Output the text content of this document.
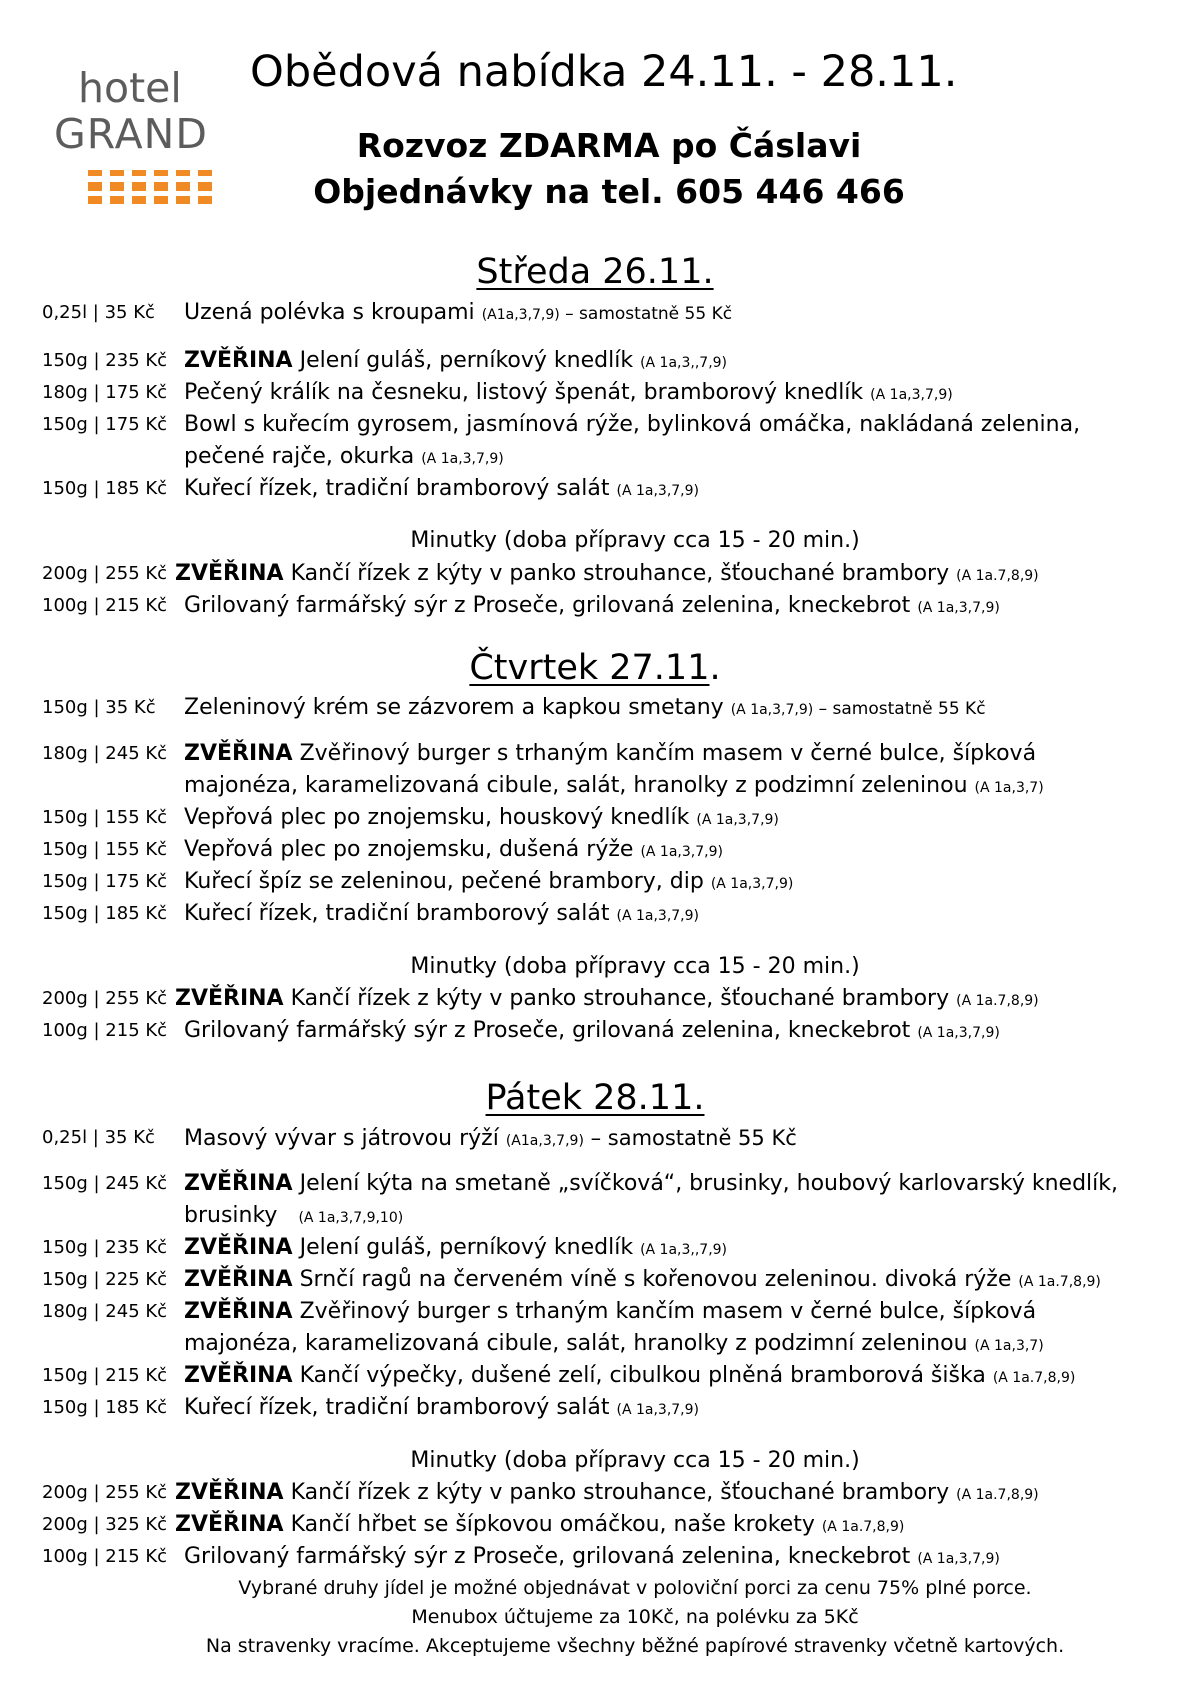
hotel
GRAND
Obědová nabídka 24.11. - 28.11.
Rozvoz ZDARMA po Čáslavi
Objednávky na tel. 605 446 466
Středa 26.11.
0,25l | 35 Kč Uzená polévka s kroupami (A1a,3,7,9) – samostatně 55 Kč
150g | 235 Kč ZVĚŘINA Jelení guláš, perníkový knedlík (A 1a,3,,7,9)
180g | 175 Kč Pečený králík na česneku, listový špenát, bramborový knedlík (A 1a,3,7,9)
150g | 175 Kč Bowl s kuřecím gyrosem, jasmínová rýže, bylinková omáčka, nakládaná zelenina, pečené rajče, okurka (A 1a,3,7,9)
150g | 185 Kč Kuřecí řízek, tradiční bramborový salát (A 1a,3,7,9)
Minutky (doba přípravy cca 15 - 20 min.)
200g | 255 Kč ZVĚŘINA Kančí řízek z kýty v panko strouhance, šťouchané brambory (A 1a.7,8,9)
100g | 215 Kč Grilovaný farmářský sýr z Proseče, grilovaná zelenina, kneckebrot (A 1a,3,7,9)
Čtvrtek 27.11.
150g | 35 Kč Zeleninový krém se zázvorem a kapkou smetany (A 1a,3,7,9) – samostatně 55 Kč
180g | 245 Kč ZVĚŘINA Zvěřinový burger s trhaným kančím masem v černé bulce, šípková majonéza, karamelizovaná cibule, salát, hranolky z podzimní zeleninou (A 1a,3,7)
150g | 155 Kč Vepřová plec po znojemsku, houskový knedlík (A 1a,3,7,9)
150g | 155 Kč Vepřová plec po znojemsku, dušená rýže (A 1a,3,7,9)
150g | 175 Kč Kuřecí špíz se zeleninou, pečené brambory, dip (A 1a,3,7,9)
150g | 185 Kč Kuřecí řízek, tradiční bramborový salát (A 1a,3,7,9)
Minutky (doba přípravy cca 15 - 20 min.)
200g | 255 Kč ZVĚŘINA Kančí řízek z kýty v panko strouhance, šťouchané brambory (A 1a.7,8,9)
100g | 215 Kč Grilovaný farmářský sýr z Proseče, grilovaná zelenina, kneckebrot (A 1a,3,7,9)
Pátek 28.11.
0,25l | 35 Kč Masový vývar s játrovou rýží (A1a,3,7,9) – samostatně 55 Kč
150g | 245 Kč ZVĚŘINA Jelení kýta na smetaně „svíčková“, brusinky, houbový karlovarský knedlík, brusinky (A 1a,3,7,9,10)
150g | 235 Kč ZVĚŘINA Jelení guláš, perníkový knedlík (A 1a,3,,7,9)
150g | 225 Kč ZVĚŘINA Srnčí ragů na červeném víně s kořenovou zeleninou. divoká rýže (A 1a.7,8,9)
180g | 245 Kč ZVĚŘINA Zvěřinový burger s trhaným kančím masem v černé bulce, šípková majonéza, karamelizovaná cibule, salát, hranolky z podzimní zeleninou (A 1a,3,7)
150g | 215 Kč ZVĚŘINA Kančí výpečky, dušené zelí, cibulkou plněná bramborová šiška (A 1a.7,8,9)
150g | 185 Kč Kuřecí řízek, tradiční bramborový salát (A 1a,3,7,9)
Minutky (doba přípravy cca 15 - 20 min.)
200g | 255 Kč ZVĚŘINA Kančí řízek z kýty v panko strouhance, šťouchané brambory (A 1a.7,8,9)
200g | 325 Kč ZVĚŘINA Kančí hřbet se šípkovou omáčkou, naše krokety (A 1a.7,8,9)
100g | 215 Kč Grilovaný farmářský sýr z Proseče, grilovaná zelenina, kneckebrot (A 1a,3,7,9)
Vybrané druhy jídel je možné objednávat v poloviční porci za cenu 75% plné porce.
Menubox účtujeme za 10Kč, na polévku za 5Kč
Na stravenky vracíme. Akceptujeme všechny běžné papírové stravenky včetně kartových.
